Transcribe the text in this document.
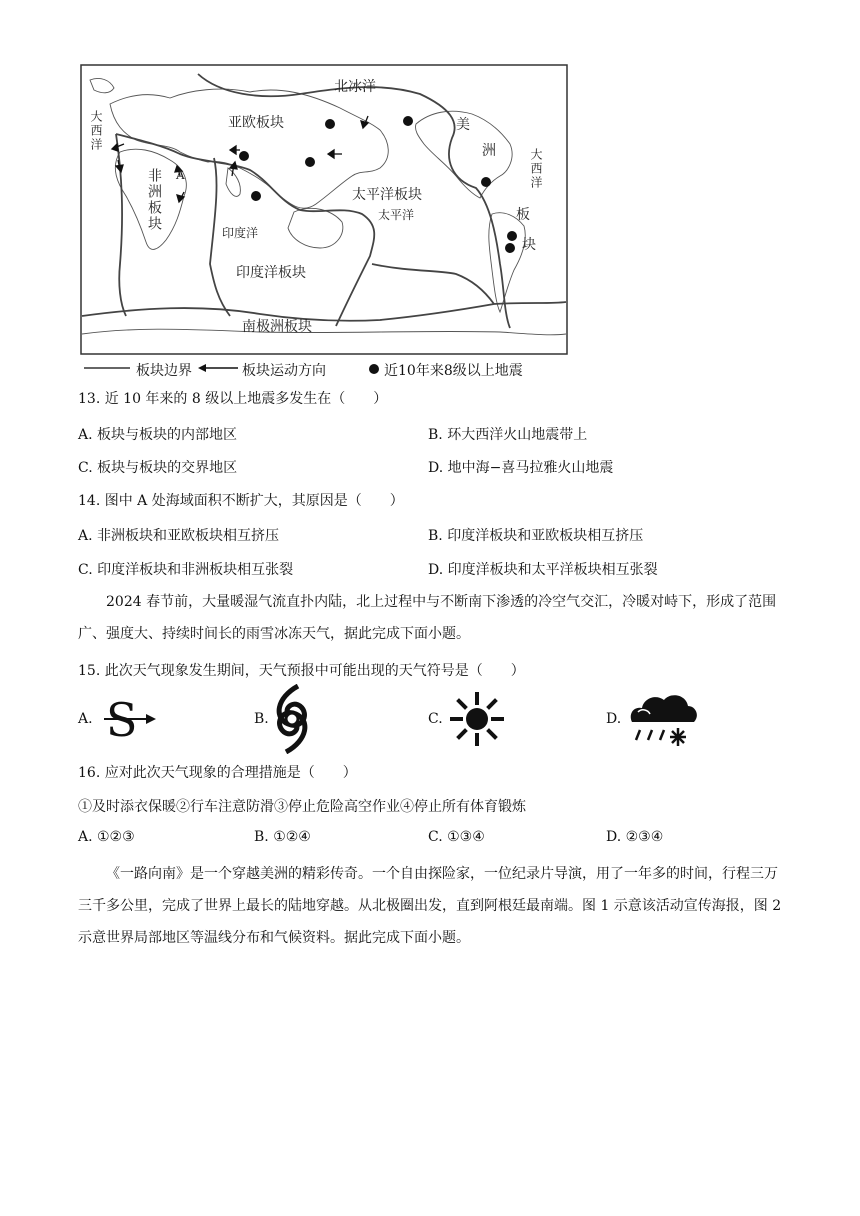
北冰洋
大西洋	亚欧板块
非洲板块	太平洋板块
太平洋
印度洋
印度洋板块
南极洲板块
美
洲
板
块
大西洋
A
板块边界	板块运动方向	近10年来8级以上地震
13. 近 10 年来的 8 级以上地震多发生在（　　）
A. 板块与板块的内部地区	B. 环大西洋火山地震带上
C. 板块与板块的交界地区	D. 地中海−喜马拉雅火山地震
14. 图中 A 处海域面积不断扩大，其原因是（　　）
A. 非洲板块和亚欧板块相互挤压	B. 印度洋板块和亚欧板块相互挤压
C. 印度洋板块和非洲板块相互张裂	D. 印度洋板块和太平洋板块相互张裂
2024 春节前，大量暖湿气流直扑内陆，北上过程中与不断南下渗透的冷空气交汇，冷暖对峙下，形成了范围广、强度大、持续时间长的雨雪冰冻天气，据此完成下面小题。
15. 此次天气现象发生期间，天气预报中可能出现的天气符号是（　　）
A. S	B.	C.	D.
16. 应对此次天气现象的合理措施是（　　）
①及时添衣保暖②行车注意防滑③停止危险高空作业④停止所有体育锻炼
A. ①②③	B. ①②④	C. ①③④	D. ②③④
《一路向南》是一个穿越美洲的精彩传奇。一个自由探险家，一位纪录片导演，用了一年多的时间，行程三万三千多公里，完成了世界上最长的陆地穿越。从北极圈出发，直到阿根廷最南端。图 1 示意该活动宣传海报，图 2 示意世界局部地区等温线分布和气候资料。据此完成下面小题。
